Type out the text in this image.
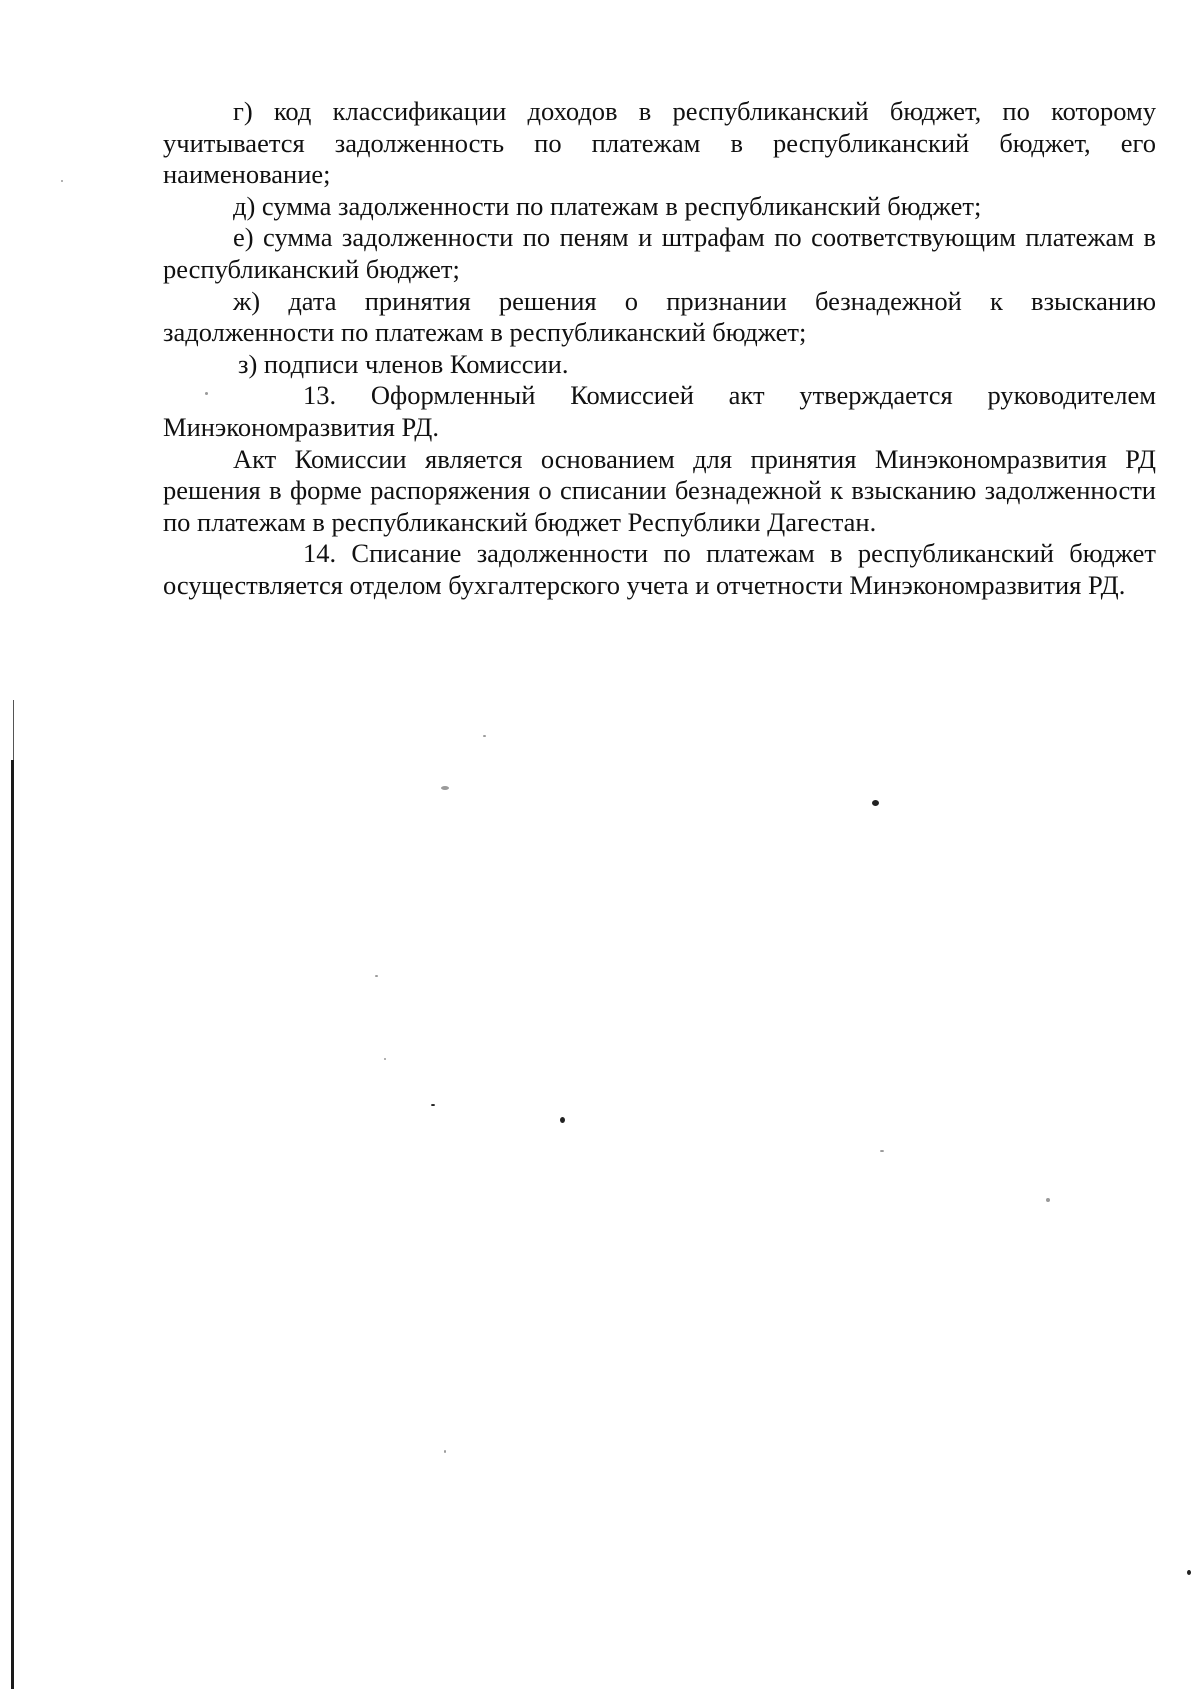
г) код классификации доходов в республиканский бюджет, по которому учитывается задолженность по платежам в республиканский бюджет, его наименование;

д) сумма задолженности по платежам в республиканский бюджет;

е) сумма задолженности по пеням и штрафам по соответствующим платежам в республиканский бюджет;

ж) дата принятия решения о признании безнадежной к взысканию задолженности по платежам в республиканский бюджет;

з) подписи членов Комиссии.

13. Оформленный Комиссией акт утверждается руководителем Минэкономразвития РД.

Акт Комиссии является основанием для принятия Минэкономразвития РД решения в форме распоряжения о списании безнадежной к взысканию задолженности по платежам в республиканский бюджет Республики Дагестан.

14. Списание задолженности по платежам в республиканский бюджет осуществляется отделом бухгалтерского учета и отчетности Минэкономразвития РД.
